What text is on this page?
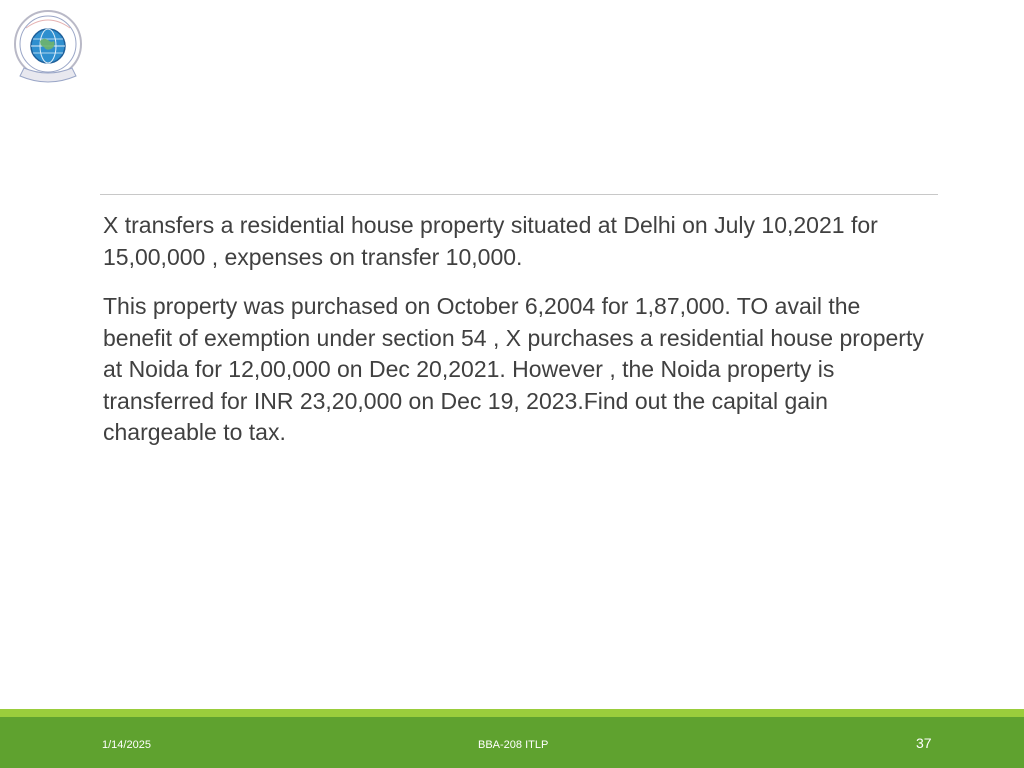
X transfers a residential house property situated at Delhi on July 10,2021 for 15,00,000 , expenses on transfer 10,000.

This property was purchased on October 6,2004 for 1,87,000. TO avail the benefit of exemption under section 54 , X purchases a residential house property at Noida for 12,00,000 on Dec 20,2021. However , the Noida property is transferred for INR 23,20,000 on Dec 19, 2023.Find out the capital gain chargeable to tax.

1/14/2025	BBA-208 ITLP	37
